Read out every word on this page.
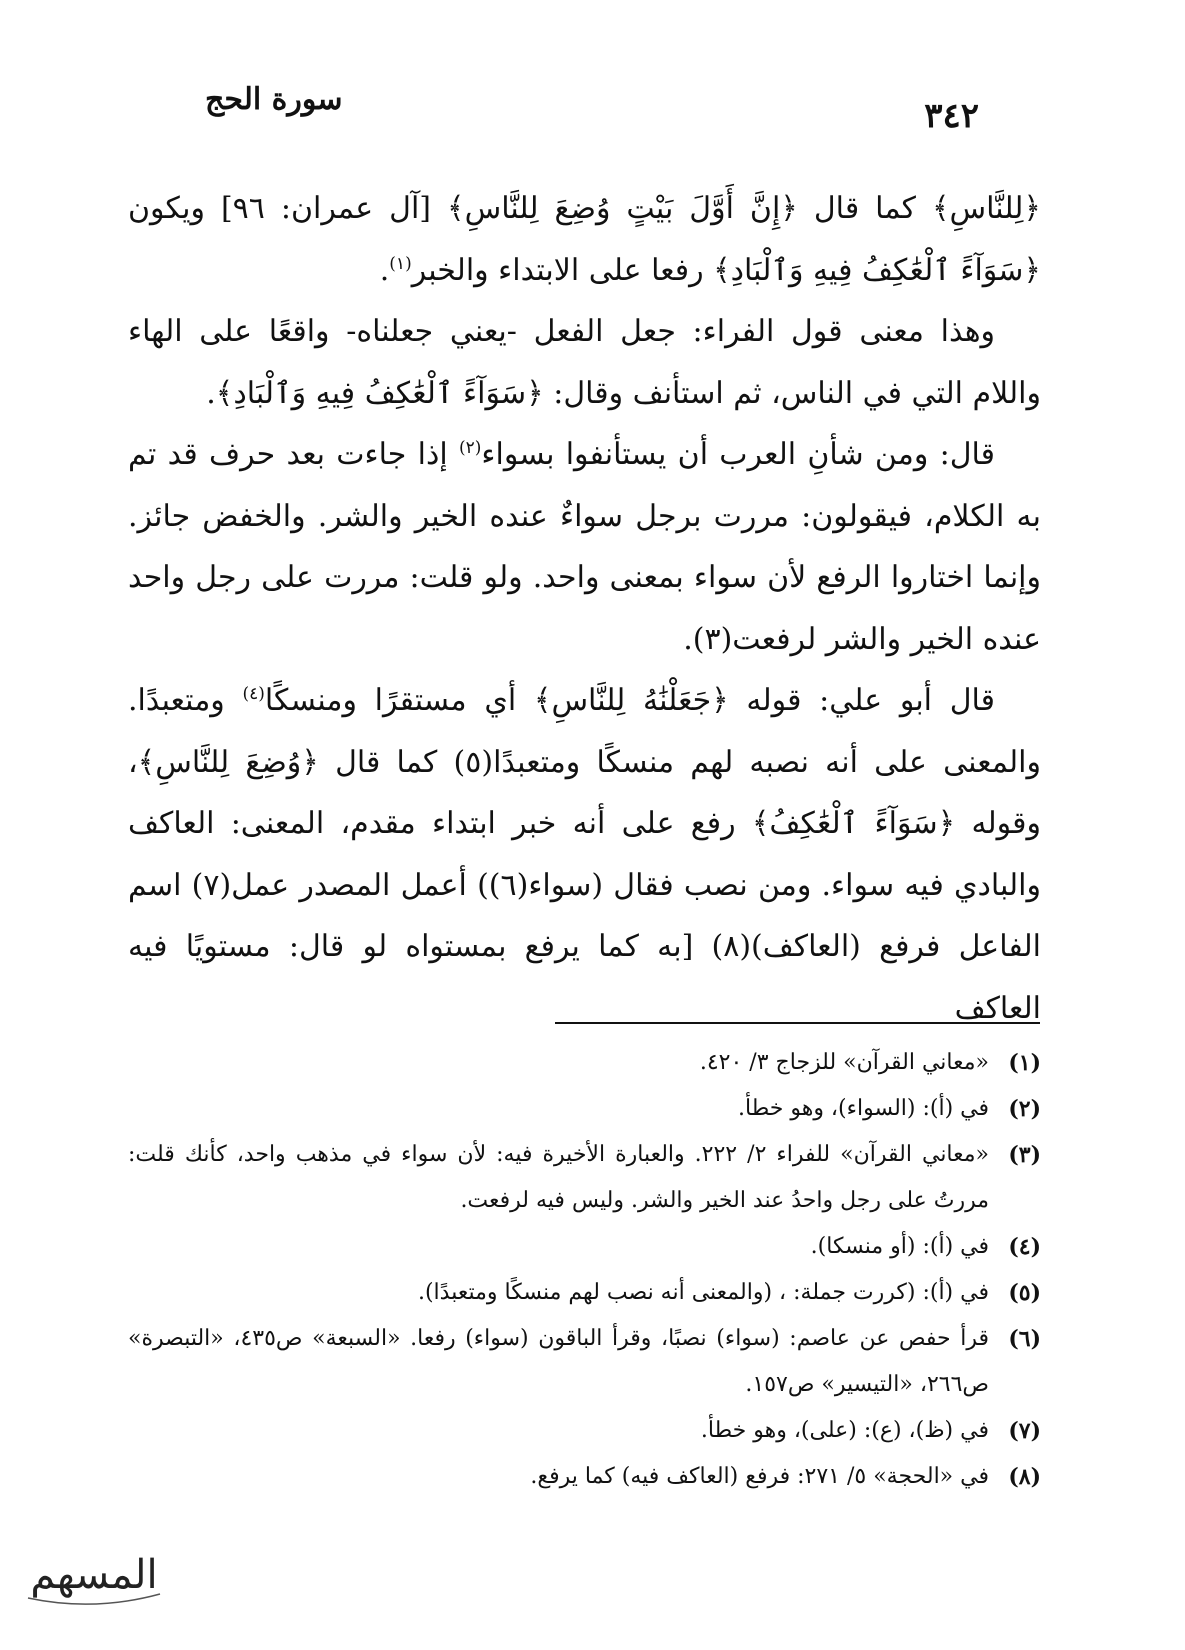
سورة الحج	٣٤٢

﴿لِلنَّاسِ﴾ كما قال ﴿إِنَّ أَوَّلَ بَيْتٍ وُضِعَ لِلنَّاسِ﴾ [آل عمران: ٩٦] ويكون ﴿سَوَآءً ٱلْعَٰكِفُ فِيهِ وَٱلْبَادِ﴾ رفعا على الابتداء والخبر$^{(١)}$.

وهذا معنى قول الفراء: جعل الفعل -يعني جعلناه- واقعًا على الهاء واللام التي في الناس، ثم استأنف وقال: ﴿سَوَآءً ٱلْعَٰكِفُ فِيهِ وَٱلْبَادِ﴾.

قال: ومن شأنِ العرب أن يستأنفوا بسواء$^{(٢)}$ إذا جاءت بعد حرف قد تم به الكلام، فيقولون: مررت برجل سواءٌ عنده الخير والشر. والخفض جائز. وإنما اختاروا الرفع لأن سواء بمعنى واحد. ولو قلت: مررت على رجل واحد عنده الخير والشر لرفعت(٣).

قال أبو علي: قوله ﴿جَعَلْنَٰهُ لِلنَّاسِ﴾ أي مستقرًا ومنسكًا$^{(٤)}$ ومتعبدًا. والمعنى على أنه نصبه لهم منسكًا ومتعبدًا(٥) كما قال ﴿وُضِعَ لِلنَّاسِ﴾، وقوله ﴿سَوَآءً ٱلْعَٰكِفُ﴾ رفع على أنه خبر ابتداء مقدم، المعنى: العاكف والبادي فيه سواء. ومن نصب فقال (سواء(٦)) أعمل المصدر عمل(٧) اسم الفاعل فرفع (العاكف)(٨) [به كما يرفع بمستواه لو قال: مستويًا فيه العاكف

(١)
«معاني القرآن» للزجاج ٣/ ٤٢٠.
(٢)
في (أ): (السواء)، وهو خطأ.
(٣)
«معاني القرآن» للفراء ٢/ ٢٢٢. والعبارة الأخيرة فيه: لأن سواء في مذهب واحد، كأنك قلت: مررتُ على رجل واحدُ عند الخير والشر. وليس فيه لرفعت.
(٤)
في (أ): (أو منسكا).
(٥)
في (أ): (كررت جملة: ، (والمعنى أنه نصب لهم منسكًا ومتعبدًا).
(٦)
قرأ حفص عن عاصم: (سواء) نصبًا، وقرأ الباقون (سواء) رفعا. «السبعة» ص٤٣٥، «التبصرة» ص٢٦٦، «التيسير» ص١٥٧.
(٧)
في (ظ)، (ع): (على)، وهو خطأ.
(٨)
في «الحجة» ٥/ ٢٧١: فرفع (العاكف فيه) كما يرفع.
المسهم
